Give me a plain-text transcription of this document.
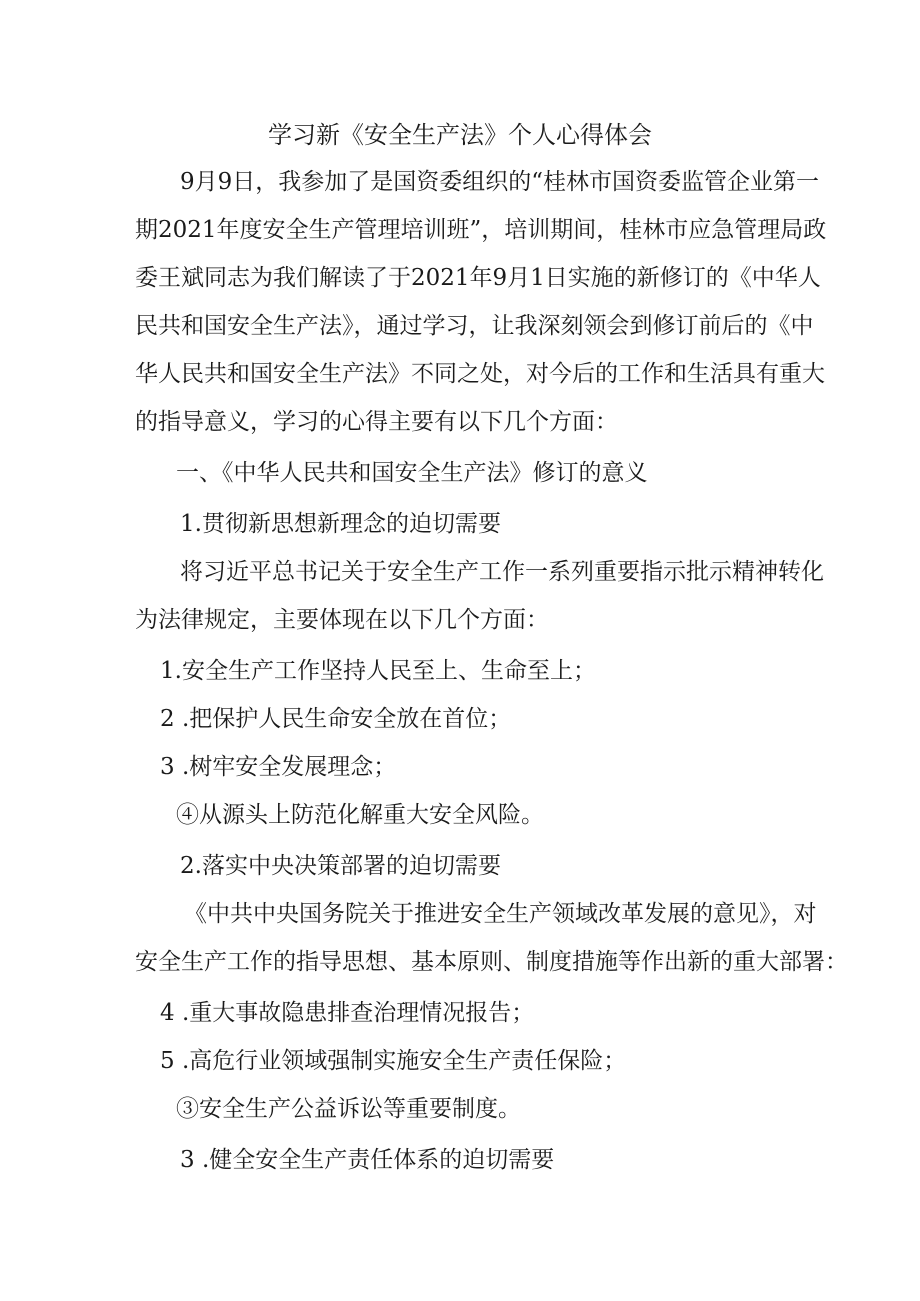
学习新《安全生产法》个人心得体会
9月9日，我参加了是国资委组织的“桂林市国资委监管企业第一
期2021年度安全生产管理培训班”，培训期间，桂林市应急管理局政
委王斌同志为我们解读了于2021年9月1日实施的新修订的《中华人
民共和国安全生产法》，通过学习，让我深刻领会到修订前后的《中
华人民共和国安全生产法》不同之处，对今后的工作和生活具有重大
的指导意义，学习的心得主要有以下几个方面：
一、《中华人民共和国安全生产法》修订的意义
1.贯彻新思想新理念的迫切需要
将习近平总书记关于安全生产工作一系列重要指示批示精神转化
为法律规定，主要体现在以下几个方面：
1.安全生产工作坚持人民至上、生命至上；
2 .把保护人民生命安全放在首位；
3 .树牢安全发展理念；
④从源头上防范化解重大安全风险。
2.落实中央决策部署的迫切需要
《中共中央国务院关于推进安全生产领域改革发展的意见》，对
安全生产工作的指导思想、基本原则、制度措施等作出新的重大部署：
4 .重大事故隐患排查治理情况报告；
5 .高危行业领域强制实施安全生产责任保险；
③安全生产公益诉讼等重要制度。
3 .健全安全生产责任体系的迫切需要
